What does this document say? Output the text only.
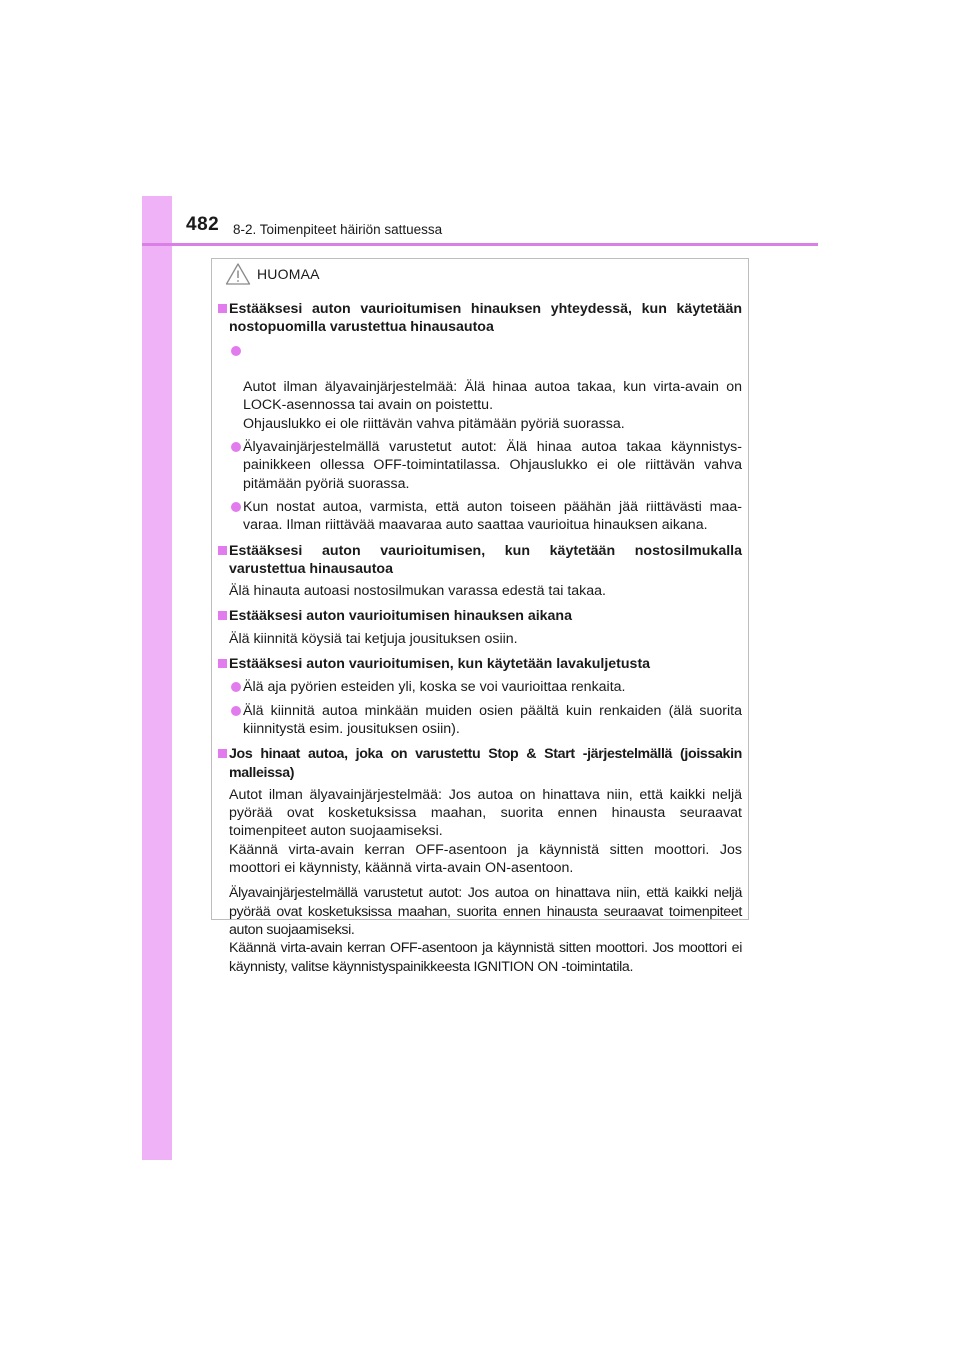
482 8-2. Toimenpiteet häiriön sattuessa
HUOMAA
Estääksesi auton vaurioitumisen hinauksen yhteydessä, kun käytetään nostopuomilla varustettua hinausautoa

Autot ilman älyavainjärjestelmää: Älä hinaa autoa takaa, kun virta-avain on LOCK-asennossa tai avain on poistettu.
Ohjauslukko ei ole riittävän vahva pitämään pyöriä suorassa.

Älyavainjärjestelmällä varustetut autot: Älä hinaa autoa takaa käynnistys-painikkeen ollessa OFF-toimintatilassa. Ohjauslukko ei ole riittävän vahva pitämään pyöriä suorassa.
Kun nostat autoa, varmista, että auton toiseen päähän jää riittävästi maa-varaa. Ilman riittävää maavaraa auto saattaa vaurioitua hinauksen aikana.
Estääksesi auton vaurioitumisen, kun käytetään nostosilmukalla varustettua hinausautoa
Älä hinauta autoasi nostosilmukan varassa edestä tai takaa.
Estääksesi auton vaurioitumisen hinauksen aikana
Älä kiinnitä köysiä tai ketjuja jousituksen osiin.
Estääksesi auton vaurioitumisen, kun käytetään lavakuljetusta
Älä aja pyörien esteiden yli, koska se voi vaurioittaa renkaita.
Älä kiinnitä autoa minkään muiden osien päältä kuin renkaiden (älä suorita kiinnitystä esim. jousituksen osiin).
Jos hinaat autoa, joka on varustettu Stop & Start -järjestelmällä (joissakin malleissa)
Autot ilman älyavainjärjestelmää: Jos autoa on hinattava niin, että kaikki neljä pyörää ovat kosketuksissa maahan, suorita ennen hinausta seuraavat toimenpiteet auton suojaamiseksi.
Käännä virta-avain kerran OFF-asentoon ja käynnistä sitten moottori. Jos moottori ei käynnisty, käännä virta-avain ON-asentoon.
Älyavainjärjestelmällä varustetut autot: Jos autoa on hinattava niin, että kaikki neljä pyörää ovat kosketuksissa maahan, suorita ennen hinausta seuraavat toimenpiteet auton suojaamiseksi.
Käännä virta-avain kerran OFF-asentoon ja käynnistä sitten moottori. Jos moottori ei käynnisty, valitse käynnistyspainikkeesta IGNITION ON -toimintatila.
